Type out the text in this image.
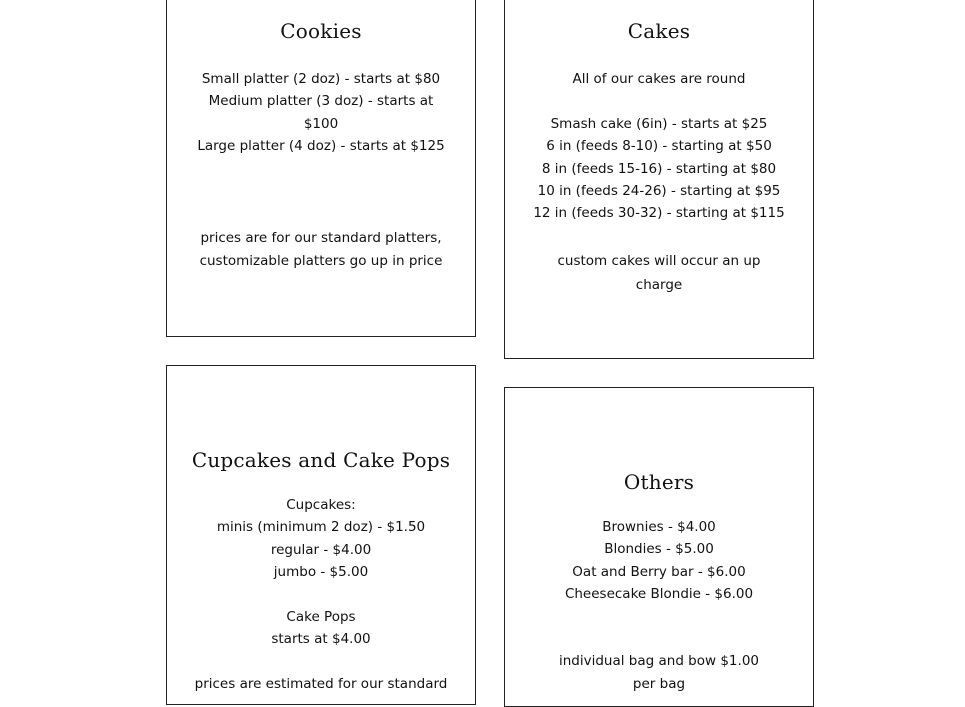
Cookies
Small platter (2 doz) - starts at $80
Medium platter (3 doz) - starts at $100
Large platter (4 doz) - starts at $125
prices are for our standard platters, customizable platters go up in price
Cakes
All of our cakes are round
Smash cake (6in) - starts at $25
6 in (feeds 8-10) - starting at $50
8 in (feeds 15-16) - starting at $80
10 in (feeds 24-26) - starting at $95
12 in (feeds 30-32) - starting at $115
custom cakes will occur an up charge
Cupcakes and Cake Pops
Cupcakes:
minis (minimum 2 doz) - $1.50
regular - $4.00
jumbo - $5.00
Cake Pops
starts at $4.00
prices are estimated for our standard
Others
Brownies - $4.00
Blondies - $5.00
Oat and Berry bar - $6.00
Cheesecake Blondie - $6.00
individual bag and bow $1.00 per bag
